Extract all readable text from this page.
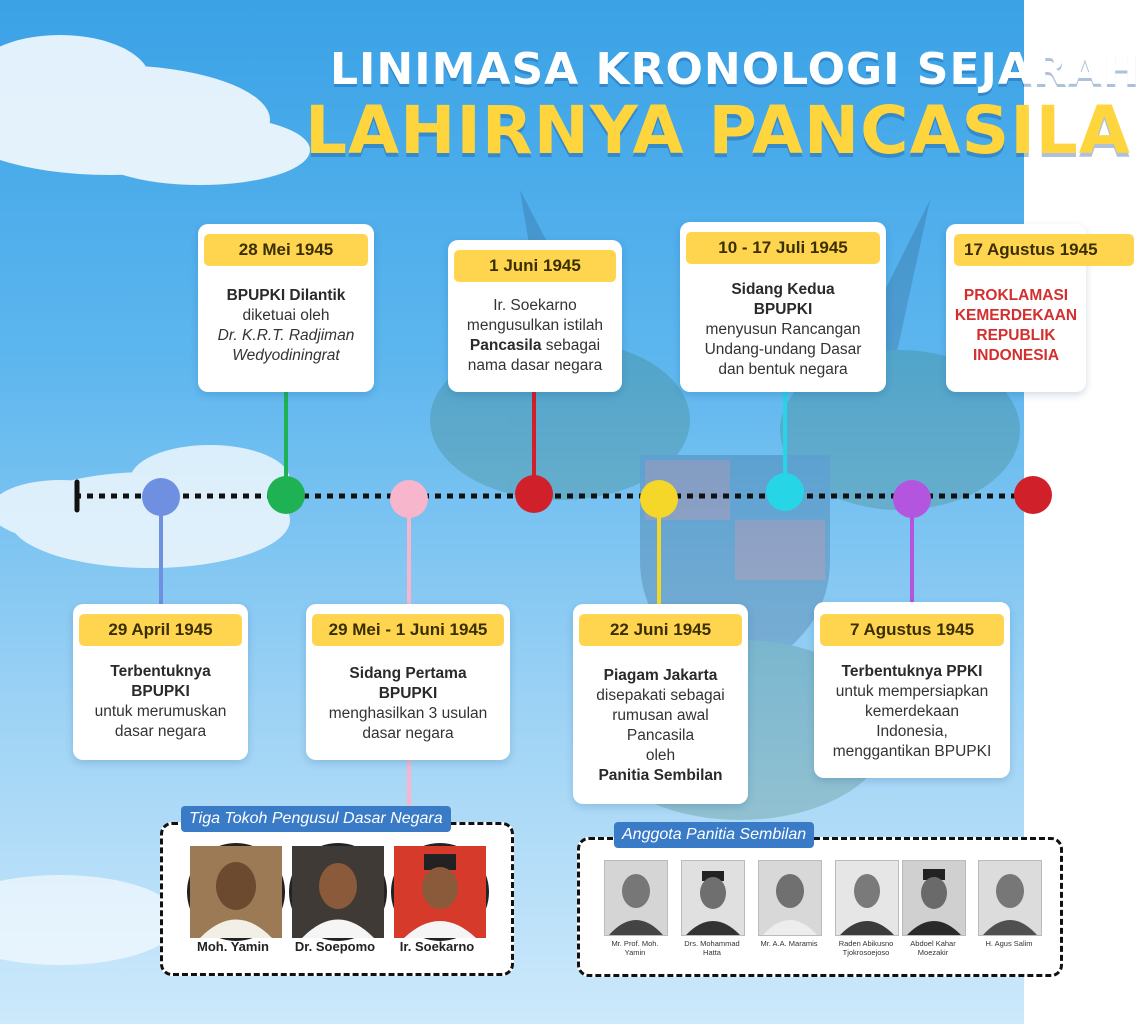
LINIMASA KRONOLOGI SEJARAH
LAHIRNYA PANCASILA
28 Mei 1945
BPUPKI Dilantik
diketuai oleh
Dr. K.R.T. Radjiman
Wedyodiningrat
1 Juni 1945
Ir. Soekarno
mengusulkan istilah
Pancasila sebagai
nama dasar negara
10 - 17 Juli 1945
Sidang Kedua
BPUPKI
menyusun Rancangan
Undang-undang Dasar
dan bentuk negara
17 Agustus 1945
PROKLAMASI
KEMERDEKAAN
REPUBLIK
INDONESIA
29 April 1945
Terbentuknya
BPUPKI
untuk merumuskan
dasar negara
29 Mei - 1 Juni 1945
Sidang Pertama
BPUPKI
menghasilkan 3 usulan
dasar negara
22 Juni 1945
Piagam Jakarta
disepakati sebagai
rumusan awal
Pancasila
oleh
Panitia Sembilan
7 Agustus 1945
Terbentuknya PPKI
untuk mempersiapkan
kemerdekaan
Indonesia,
menggantikan BPUPKI
Moh. Yamin	Dr. Soepomo	Ir. Soekarno
Tiga Tokoh Pengusul Dasar Negara
Mr. Prof. Moh.
Yamin
Drs. Mohammad
Hatta
Mr. A.A. Maramis	Raden Abikusno
Tjokrosoejoso
Abdoel Kahar
Moezakir
H. Agus Salim
Anggota Panitia Sembilan
